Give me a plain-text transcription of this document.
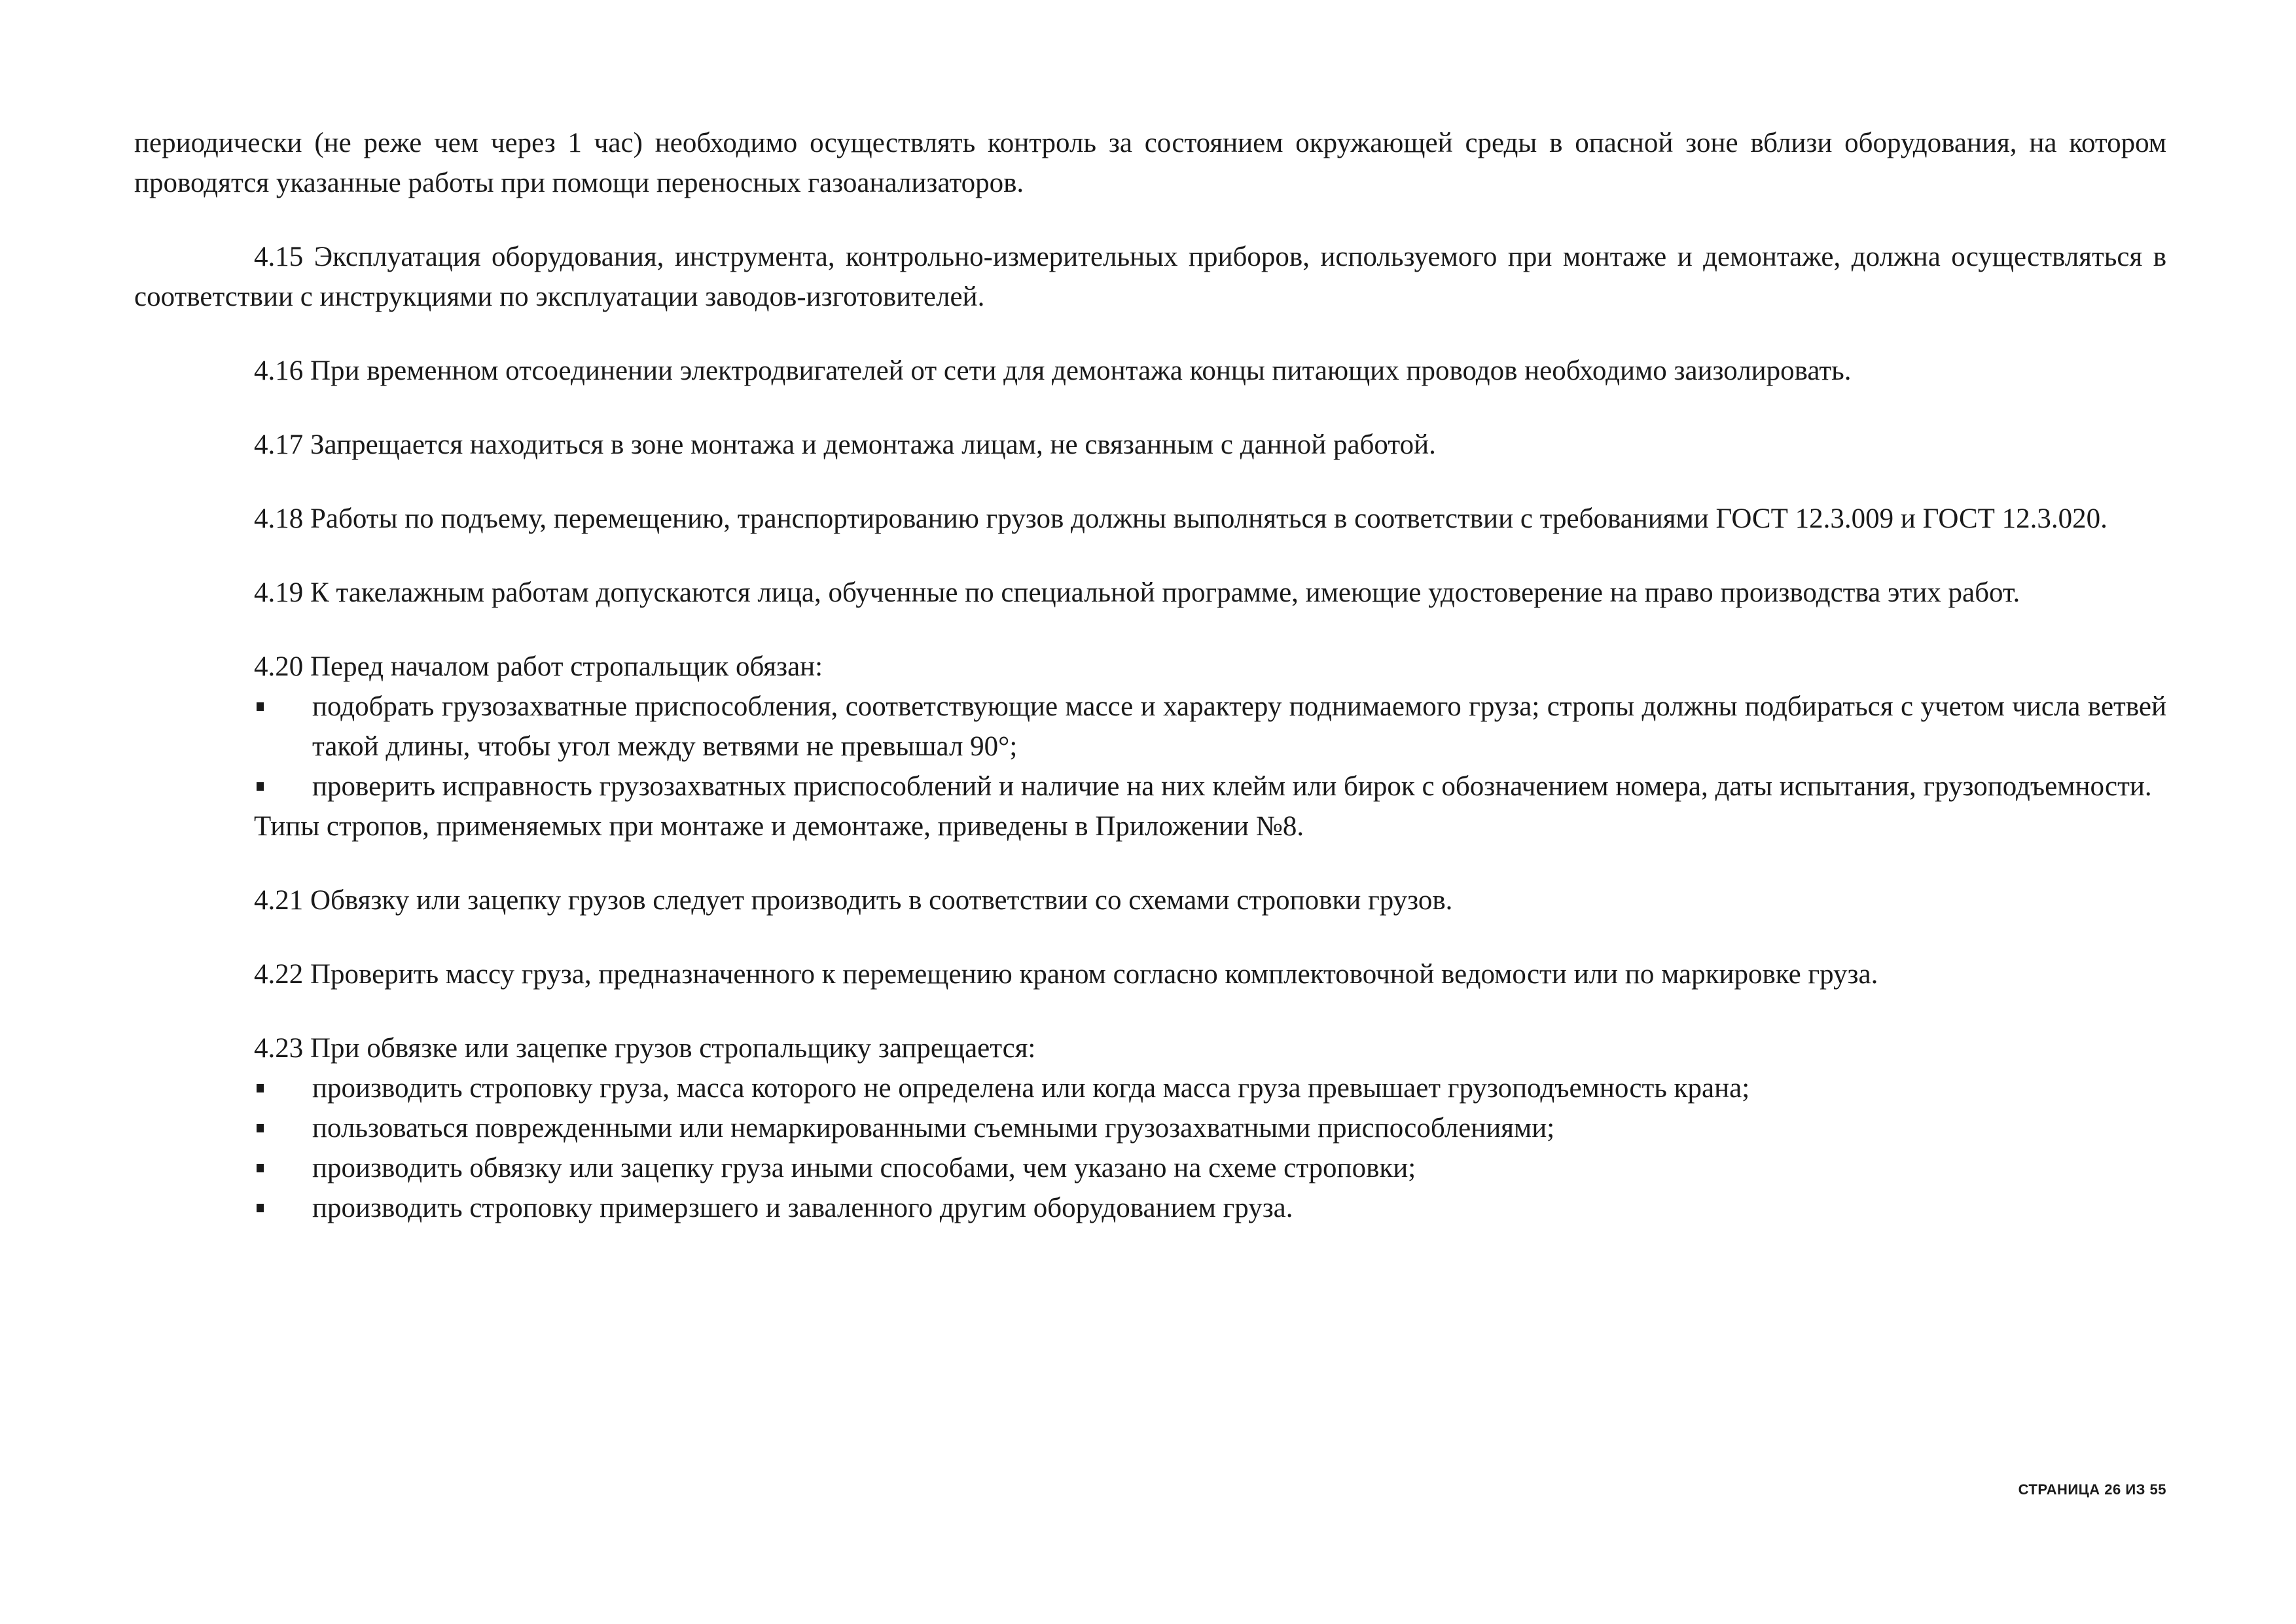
периодически (не реже чем через 1 час) необходимо осуществлять контроль за состоянием окружающей среды в опасной зоне вблизи оборудования, на котором проводятся указанные работы при помощи переносных газоанализаторов.

4.15 Эксплуатация оборудования, инструмента, контрольно-измерительных приборов, используемого при монтаже и демонтаже, должна осуществляться в соответствии с инструкциями по эксплуатации заводов-изготовителей.

4.16 При временном отсоединении электродвигателей от сети для демонтажа концы питающих проводов необходимо заизолировать.

4.17 Запрещается находиться в зоне монтажа и демонтажа лицам, не связанным с данной работой.

4.18 Работы по подъему, перемещению, транспортированию грузов должны выполняться в соответствии с требованиями ГОСТ 12.3.009 и ГОСТ 12.3.020.

4.19 К такелажным работам допускаются лица, обученные по специальной программе, имеющие удостоверение на право производства этих работ.

4.20 Перед началом работ стропальщик обязан:

подобрать грузозахватные приспособления, соответствующие массе и характеру поднимаемого груза; стропы должны подбираться с учетом числа ветвей такой длины, чтобы угол между ветвями не превышал 90°;
проверить исправность грузозахватных приспособлений и наличие на них клейм или бирок с обозначением номера, даты испытания, грузоподъемности.

Типы стропов, применяемых при монтаже и демонтаже, приведены в Приложении №8.

4.21 Обвязку или зацепку грузов следует производить в соответствии со схемами строповки грузов.

4.22 Проверить массу груза, предназначенного к перемещению краном согласно комплектовочной ведомости или по маркировке груза.

4.23 При обвязке или зацепке грузов стропальщику запрещается:

производить строповку груза, масса которого не определена или когда масса груза превышает грузоподъемность крана;
пользоваться поврежденными или немаркированными съемными грузозахватными приспособлениями;
производить обвязку или зацепку груза иными способами, чем указано на схеме строповки;
производить строповку примерзшего и заваленного другим оборудованием груза.
СТРАНИЦА 26 ИЗ 55
